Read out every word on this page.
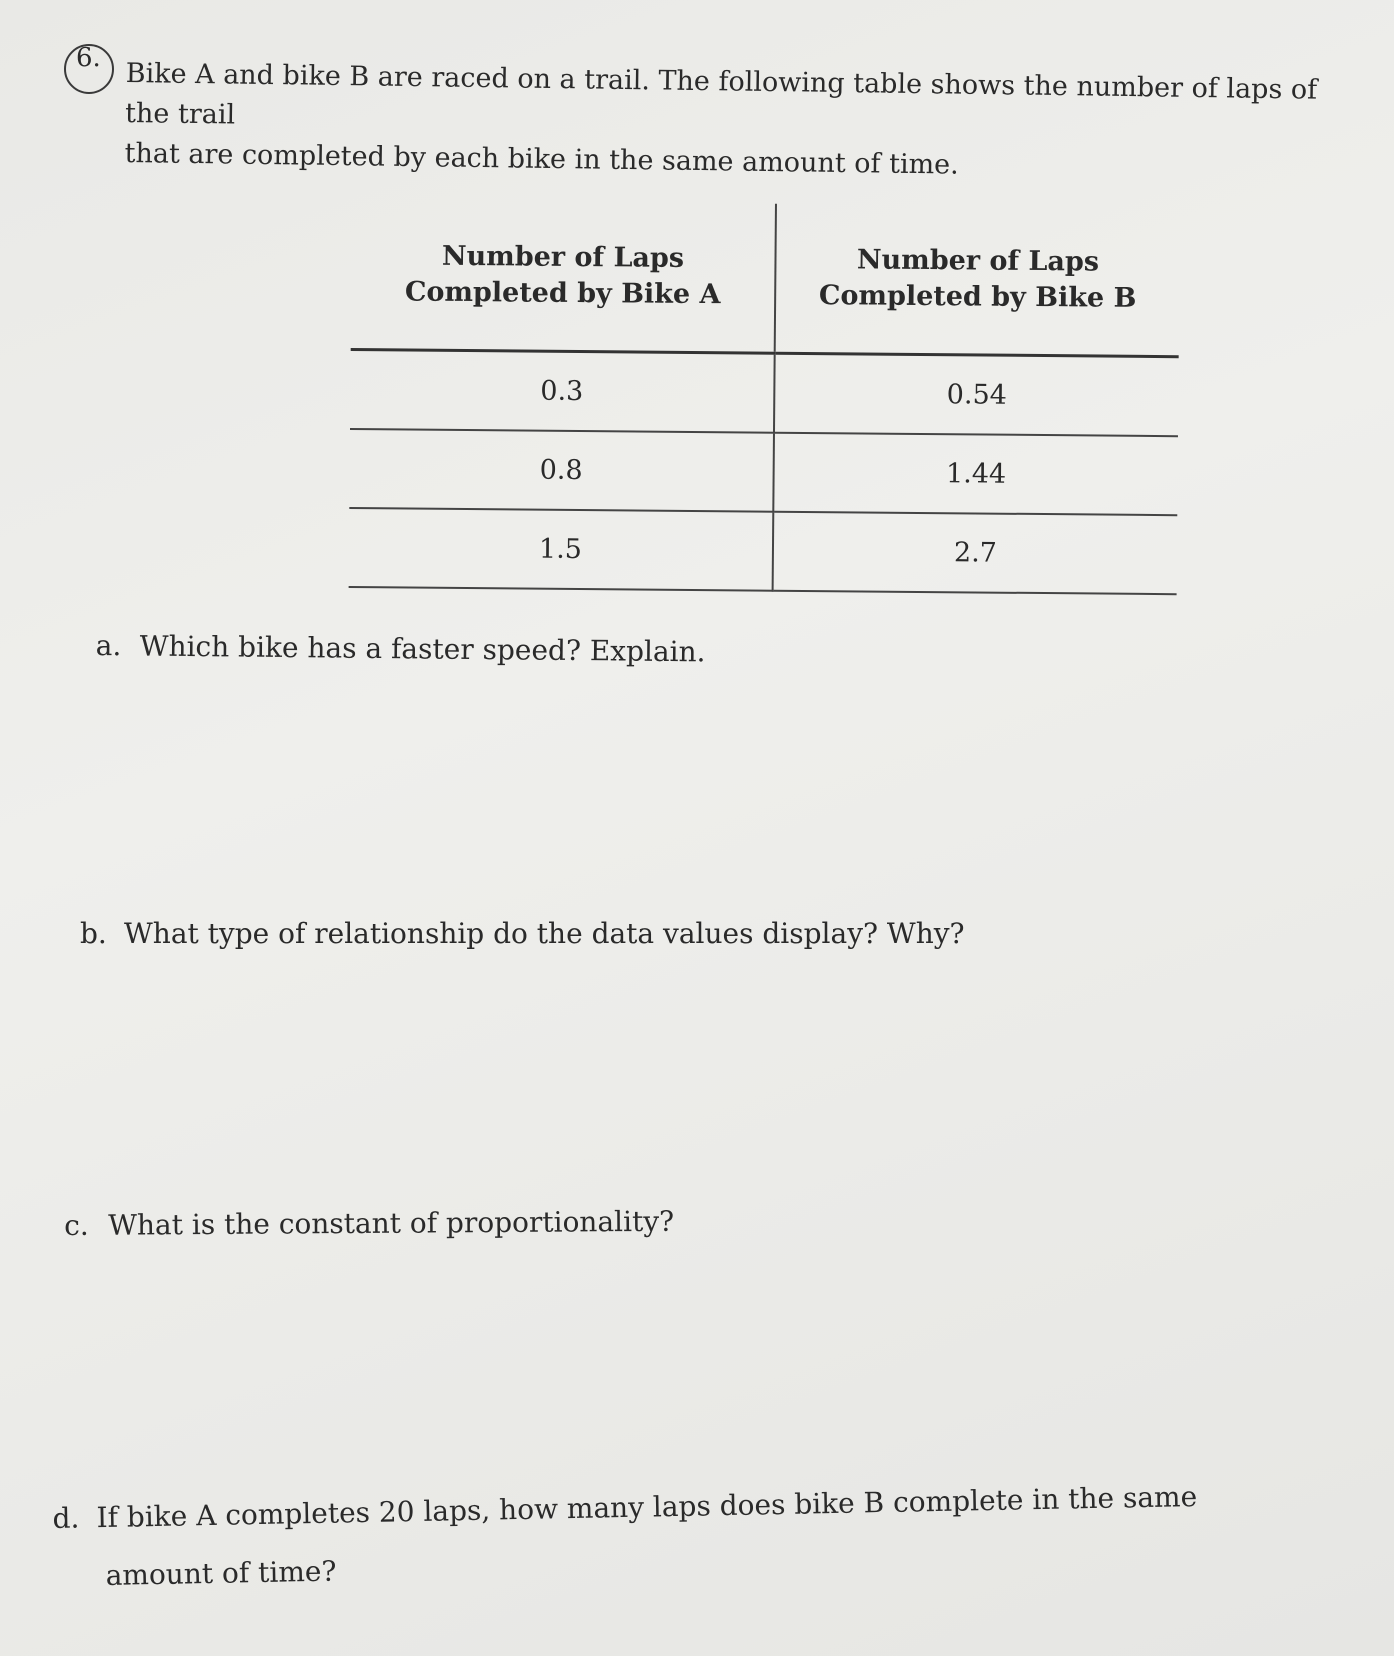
6. Bike A and bike B are raced on a trail. The following table shows the number of laps of the trail
that are completed by each bike in the same amount of time.
Number of Laps Completed by Bike A	Number of Laps Completed by Bike B
0.3	0.54
0.8	1.44
1.5	2.7
a. Which bike has a faster speed? Explain.
b. What type of relationship do the data values display? Why?
c. What is the constant of proportionality?
d. If bike A completes 20 laps, how many laps does bike B complete in the same
amount of time?
